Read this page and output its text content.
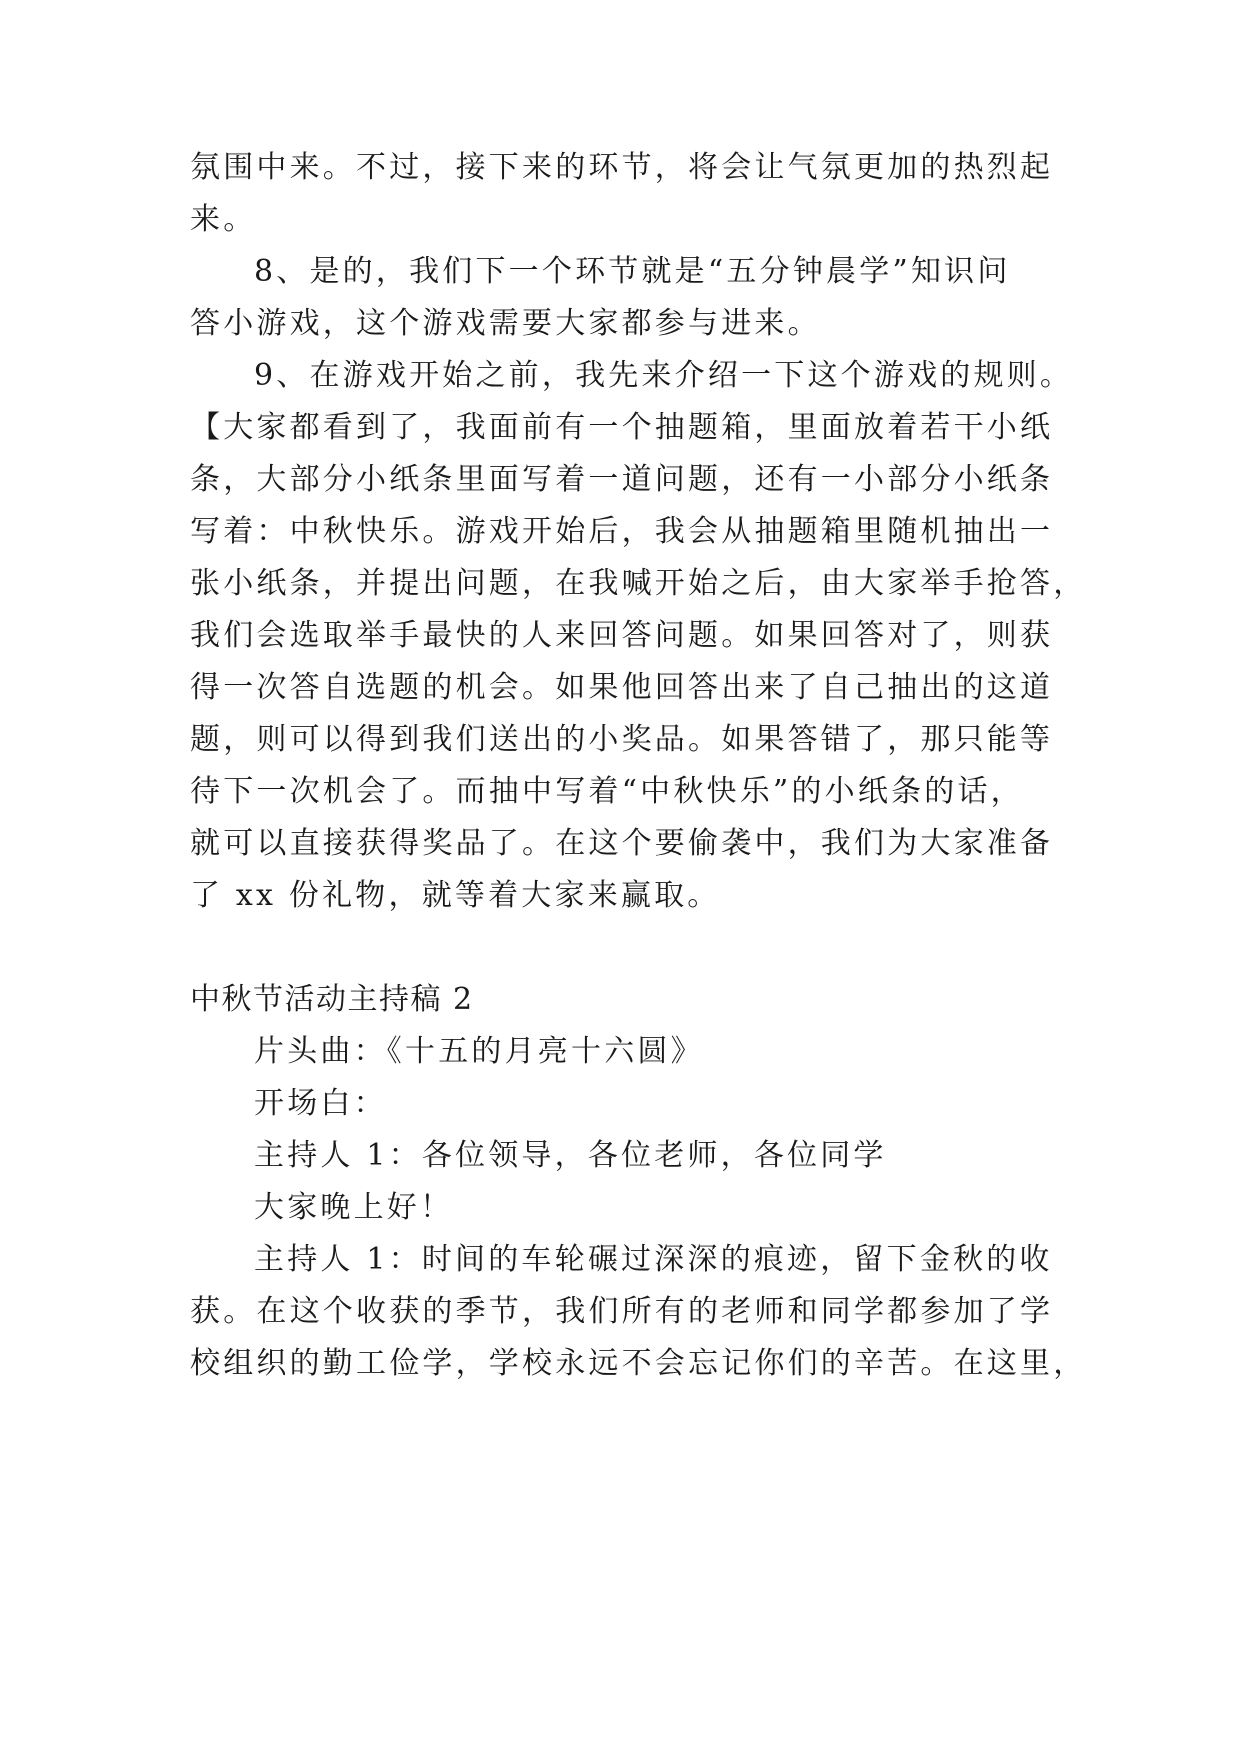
氛围中来。不过，接下来的环节，将会让气氛更加的热烈起
来。
8、是的，我们下一个环节就是“五分钟晨学”知识问
答小游戏，这个游戏需要大家都参与进来。
9、在游戏开始之前，我先来介绍一下这个游戏的规则。
【大家都看到了，我面前有一个抽题箱，里面放着若干小纸
条，大部分小纸条里面写着一道问题，还有一小部分小纸条
写着：中秋快乐。游戏开始后，我会从抽题箱里随机抽出一
张小纸条，并提出问题，在我喊开始之后，由大家举手抢答，
我们会选取举手最快的人来回答问题。如果回答对了，则获
得一次答自选题的机会。如果他回答出来了自己抽出的这道
题，则可以得到我们送出的小奖品。如果答错了，那只能等
待下一次机会了。而抽中写着“中秋快乐”的小纸条的话，
就可以直接获得奖品了。在这个要偷袭中，我们为大家准备
了 xx 份礼物，就等着大家来赢取。
中秋节活动主持稿 2
片头曲：《十五的月亮十六圆》
开场白：
主持人 1：各位领导，各位老师，各位同学
大家晚上好！
主持人 1：时间的车轮碾过深深的痕迹，留下金秋的收
获。在这个收获的季节，我们所有的老师和同学都参加了学
校组织的勤工俭学，学校永远不会忘记你们的辛苦。在这里，
